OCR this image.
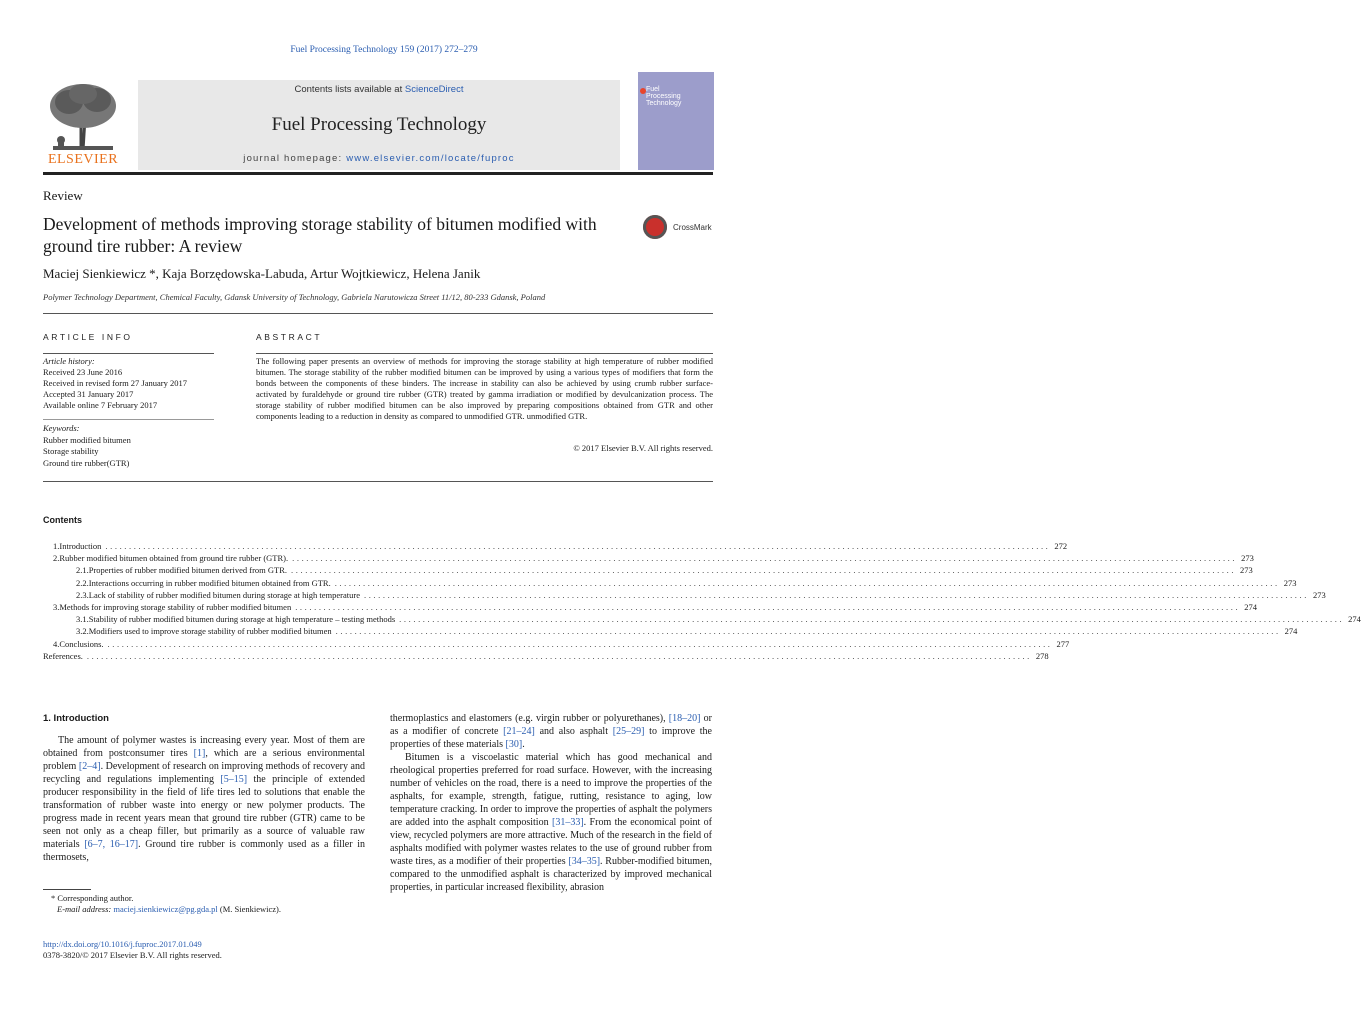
Fuel Processing Technology 159 (2017) 272–279
ELSEVIER
Contents lists available at ScienceDirect
Fuel Processing Technology
journal homepage: www.elsevier.com/locate/fuproc
Fuel Processing Technology
Review
Development of methods improving storage stability of bitumen modified with ground tire rubber: A review
CrossMark
Maciej Sienkiewicz *, Kaja Borzędowska-Labuda, Artur Wojtkiewicz, Helena Janik
Polymer Technology Department, Chemical Faculty, Gdansk University of Technology, Gabriela Narutowicza Street 11/12, 80-233 Gdansk, Poland
ARTICLE INFO	ABSTRACT
Article history:
Received 23 June 2016
Received in revised form 27 January 2017
Accepted 31 January 2017
Available online 7 February 2017
Keywords:
Rubber modified bitumen
Storage stability
Ground tire rubber(GTR)
The following paper presents an overview of methods for improving the storage stability at high temperature of rubber modified bitumen. The storage stability of the rubber modified bitumen can be improved by using a various types of modifiers that form the bonds between the components of these binders. The increase in stability can also be achieved by using crumb rubber surface-activated by furaldehyde or ground tire rubber (GTR) treated by gamma irradiation or modified by devulcanization process. The storage stability of rubber modified bitumen can be also improved by preparing compositions obtained from GTR and other components leading to a reduction in density as compared to unmodified GTR. unmodified GTR.
© 2017 Elsevier B.V. All rights reserved.
Contents
1. Introduction ........................................................................................................................................................................................................ 272
2. Rubber modified bitumen obtained from ground tire rubber (GTR). ........................................................................................................................................................................................................ 273
2.1. Properties of rubber modified bitumen derived from GTR. ........................................................................................................................................................................................................ 273
2.2. Interactions occurring in rubber modified bitumen obtained from GTR. ........................................................................................................................................................................................................ 273
2.3. Lack of stability of rubber modified bitumen during storage at high temperature ........................................................................................................................................................................................................ 273
3. Methods for improving storage stability of rubber modified bitumen ........................................................................................................................................................................................................ 274
3.1. Stability of rubber modified bitumen during storage at high temperature – testing methods ........................................................................................................................................................................................................ 274
3.2. Modifiers used to improve storage stability of rubber modified bitumen ........................................................................................................................................................................................................ 274
4. Conclusions. ........................................................................................................................................................................................................ 277
References. ........................................................................................................................................................................................................ 278
1. Introduction

The amount of polymer wastes is increasing every year. Most of them are obtained from postconsumer tires [1], which are a serious environmental problem [2–4]. Development of research on improving methods of recovery and recycling and regulations implementing [5–15] the principle of extended producer responsibility in the field of life tires led to solutions that enable the transformation of rubber waste into energy or new polymer products. The progress made in recent years mean that ground tire rubber (GTR) came to be seen not only as a cheap filler, but primarily as a source of valuable raw materials [6–7, 16–17]. Ground tire rubber is commonly used as a filler in thermosets,

thermoplastics and elastomers (e.g. virgin rubber or polyurethanes), [18–20] or as a modifier of concrete [21–24] and also asphalt [25–29] to improve the properties of these materials [30].

Bitumen is a viscoelastic material which has good mechanical and rheological properties preferred for road surface. However, with the increasing number of vehicles on the road, there is a need to improve the properties of the asphalts, for example, strength, fatigue, rutting, resistance to aging, low temperature cracking. In order to improve the properties of asphalt the polymers are added into the asphalt composition [31–33]. From the economical point of view, recycled polymers are more attractive. Much of the research in the field of asphalts modified with polymer wastes relates to the use of ground rubber from waste tires, as a modifier of their properties [34–35]. Rubber-modified bitumen, compared to the unmodified asphalt is characterized by improved mechanical properties, in particular increased flexibility, abrasion

* Corresponding author.
E-mail address: maciej.sienkiewicz@pg.gda.pl (M. Sienkiewicz).
http://dx.doi.org/10.1016/j.fuproc.2017.01.049
0378-3820/© 2017 Elsevier B.V. All rights reserved.
